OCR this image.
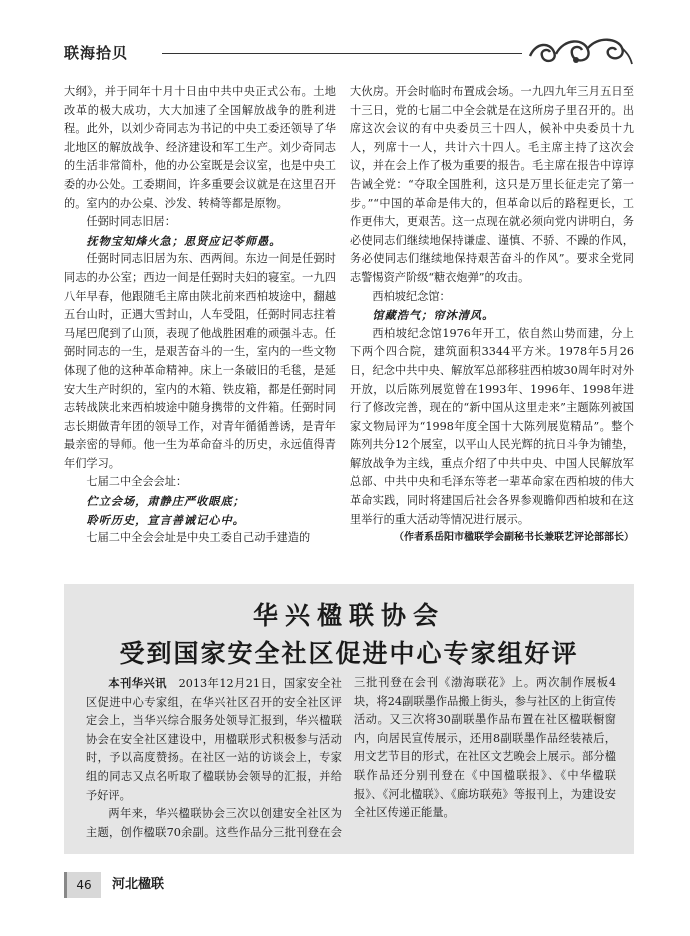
联海拾贝

大纲》，并于同年十月十日由中共中央正式公布。土地改革的极大成功，大大加速了全国解放战争的胜利进程。此外，以刘少奇同志为书记的中央工委还领导了华北地区的解放战争、经济建设和军工生产。刘少奇同志的生活非常简朴，他的办公室既是会议室，也是中央工委的办公处。工委期间，许多重要会议就是在这里召开的。室内的办公桌、沙发、转椅等都是原物。

任弼时同志旧居：

抚物宝知烽火急；思贤应记苓师愚。

任弼时同志旧居为东、西两间。东边一间是任弼时同志的办公室；西边一间是任弼时夫妇的寝室。一九四八年早春，他跟随毛主席由陕北前来西柏坡途中，翻越五台山时，正遇大雪封山，人车受阻，任弼时同志拄着马尾巴爬到了山顶，表现了他战胜困难的顽强斗志。任弼时同志的一生，是艰苦奋斗的一生，室内的一些文物体现了他的这种革命精神。床上一条破旧的毛毯，是延安大生产时织的，室内的木箱、铁皮箱，都是任弼时同志转战陕北来西柏坡途中随身携带的文件箱。任弼时同志长期做青年团的领导工作，对青年循循善诱，是青年最亲密的导师。他一生为革命奋斗的历史，永远值得青年们学习。

七届二中全会会址：

伫立会场，肃静庄严收眼底；

聆听历史，宣言善诫记心中。

七届二中全会会址是中央工委自己动手建造的

大伙房。开会时临时布置成会场。一九四九年三月五日至十三日，党的七届二中全会就是在这所房子里召开的。出席这次会议的有中央委员三十四人，候补中央委员十九人，列席十一人，共计六十四人。毛主席主持了这次会议，并在会上作了极为重要的报告。毛主席在报告中谆谆告诫全党：“夺取全国胜利，这只是万里长征走完了第一步。”“中国的革命是伟大的，但革命以后的路程更长，工作更伟大，更艰苦。这一点现在就必须向党内讲明白，务必使同志们继续地保持谦虚、谨慎、不骄、不躁的作风，务必使同志们继续地保持艰苦奋斗的作风”。要求全党同志警惕资产阶级“糖衣炮弹”的攻击。

西柏坡纪念馆：

馆藏浩气；帘沐清风。

西柏坡纪念馆1976年开工，依自然山势而建，分上下两个四合院，建筑面积3344平方米。1978年5月26日，纪念中共中央、解放军总部移驻西柏坡30周年时对外开放，以后陈列展览曾在1993年、1996年、1998年进行了修改完善，现在的“新中国从这里走来”主题陈列被国家文物局评为“1998年度全国十大陈列展览精品”。整个陈列共分12个展室，以平山人民光辉的抗日斗争为铺垫，解放战争为主线，重点介绍了中共中央、中国人民解放军总部、中共中央和毛泽东等老一辈革命家在西柏坡的伟大革命实践，同时将建国后社会各界参观瞻仰西柏坡和在这里举行的重大活动等情况进行展示。

（作者系岳阳市楹联学会副秘书长兼联艺评论部部长）

华兴楹联协会
受到国家安全社区促进中心专家组好评

本刊华兴讯　 2013年12月21日，国家安全社区促进中心专家组，在华兴社区召开的安全社区评定会上，当华兴综合服务处领导汇报到，华兴楹联协会在安全社区建设中，用楹联形式积极参与活动时，予以高度赞扬。在社区一站的访谈会上，专家组的同志又点名听取了楹联协会领导的汇报，并给予好评。

两年来，华兴楹联协会三次以创建安全社区为主题，创作楹联70余副。这些作品分三批刊登在会

三批刊登在会刊《渤海联花》上。两次制作展板4块，将24副联墨作品搬上街头，参与社区的上街宣传活动。又三次将30副联墨作品布置在社区楹联橱窗内，向居民宣传展示，还用8副联墨作品经装裱后，用文艺节目的形式，在社区文艺晚会上展示。部分楹联作品还分别刊登在《中国楹联报》、《中华楹联报》、《河北楹联》、《廊坊联苑》等报刊上，为建设安全社区传递正能量。

46	河北楹联
